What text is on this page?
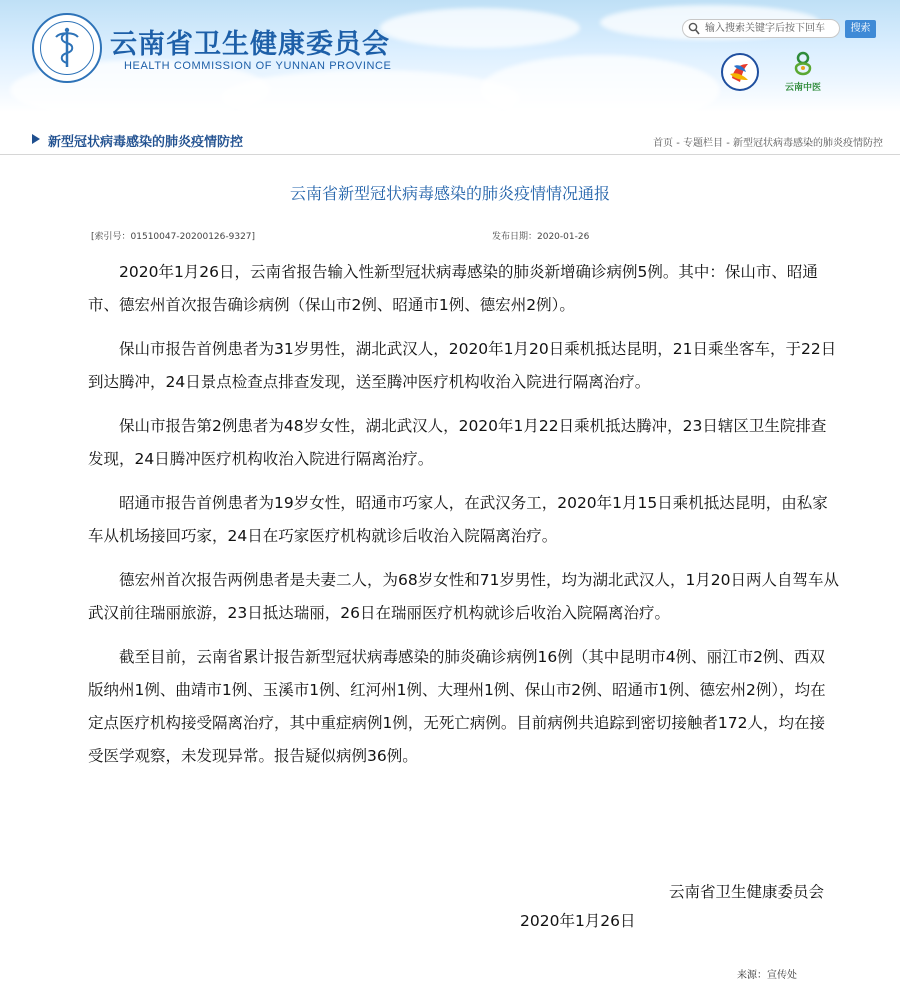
云南省卫生健康委员会
HEALTH COMMISSION OF YUNNAN PROVINCE
输入搜索关键字后按下回车
搜索
云南中医
新型冠状病毒感染的肺炎疫情防控	首页 - 专题栏目 - 新型冠状病毒感染的肺炎疫情防控
云南省新型冠状病毒感染的肺炎疫情情况通报
[索引号：01510047-20200126-9327]	发布日期：2020-01-26

2020年1月26日，云南省报告输入性新型冠状病毒感染的肺炎新增确诊病例5例。其中：保山市、昭通市、德宏州首次报告确诊病例（保山市2例、昭通市1例、德宏州2例）。

保山市报告首例患者为31岁男性，湖北武汉人，2020年1月20日乘机抵达昆明，21日乘坐客车，于22日到达腾冲，24日景点检查点排查发现，送至腾冲医疗机构收治入院进行隔离治疗。

保山市报告第2例患者为48岁女性，湖北武汉人，2020年1月22日乘机抵达腾冲，23日辖区卫生院排查发现，24日腾冲医疗机构收治入院进行隔离治疗。

昭通市报告首例患者为19岁女性，昭通市巧家人，在武汉务工，2020年1月15日乘机抵达昆明，由私家车从机场接回巧家，24日在巧家医疗机构就诊后收治入院隔离治疗。

德宏州首次报告两例患者是夫妻二人，为68岁女性和71岁男性，均为湖北武汉人，1月20日两人自驾车从武汉前往瑞丽旅游，23日抵达瑞丽，26日在瑞丽医疗机构就诊后收治入院隔离治疗。

截至目前，云南省累计报告新型冠状病毒感染的肺炎确诊病例16例（其中昆明市4例、丽江市2例、西双版纳州1例、曲靖市1例、玉溪市1例、红河州1例、大理州1例、保山市2例、昭通市1例、德宏州2例），均在定点医疗机构接受隔离治疗，其中重症病例1例，无死亡病例。目前病例共追踪到密切接触者172人，均在接受医学观察，未发现异常。报告疑似病例36例。

云南省卫生健康委员会
2020年1月26日
来源：宣传处
